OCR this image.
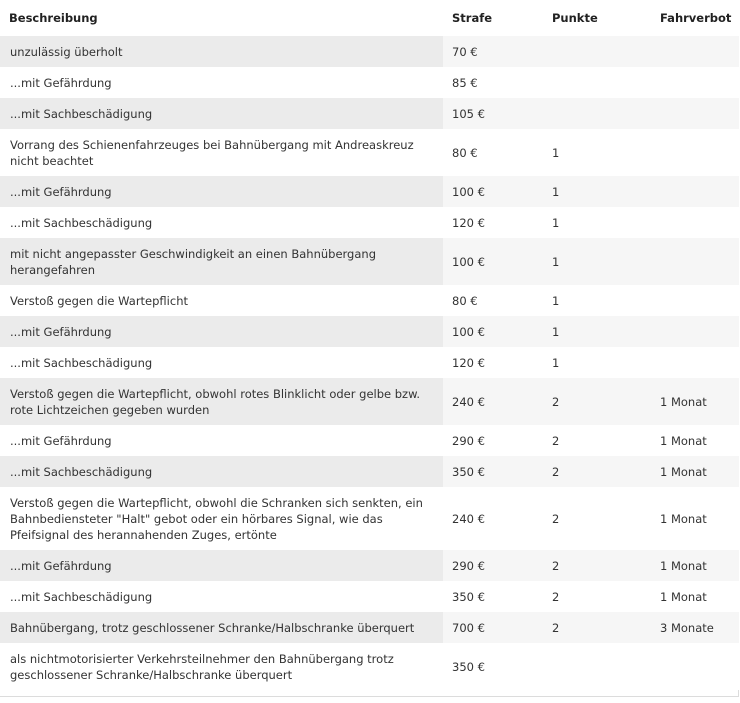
Beschreibung	Strafe	Punkte	Fahrverbot
unzulässig überholt	70 €		
...mit Gefährdung	85 €		
...mit Sachbeschädigung	105 €		
Vorrang des Schienenfahrzeuges bei Bahnübergang mit Andreaskreuz nicht beachtet	80 €	1	
...mit Gefährdung	100 €	1	
...mit Sachbeschädigung	120 €	1	
mit nicht angepasster Geschwindigkeit an einen Bahnübergang herangefahren	100 €	1	
Verstoß gegen die Wartepflicht	80 €	1	
...mit Gefährdung	100 €	1	
...mit Sachbeschädigung	120 €	1	
Verstoß gegen die Wartepflicht, obwohl rotes Blinklicht oder gelbe bzw. rote Lichtzeichen gegeben wurden	240 €	2	1 Monat
...mit Gefährdung	290 €	2	1 Monat
...mit Sachbeschädigung	350 €	2	1 Monat
Verstoß gegen die Wartepflicht, obwohl die Schranken sich senkten, ein Bahnbediensteter "Halt" gebot oder ein hörbares Signal, wie das Pfeifsignal des herannahenden Zuges, ertönte	240 €	2	1 Monat
...mit Gefährdung	290 €	2	1 Monat
...mit Sachbeschädigung	350 €	2	1 Monat
Bahnübergang, trotz geschlossener Schranke/Halbschranke überquert	700 €	2	3 Monate
als nichtmotorisierter Verkehrsteilnehmer den Bahnübergang trotz geschlossener Schranke/Halbschranke überquert	350 €		
